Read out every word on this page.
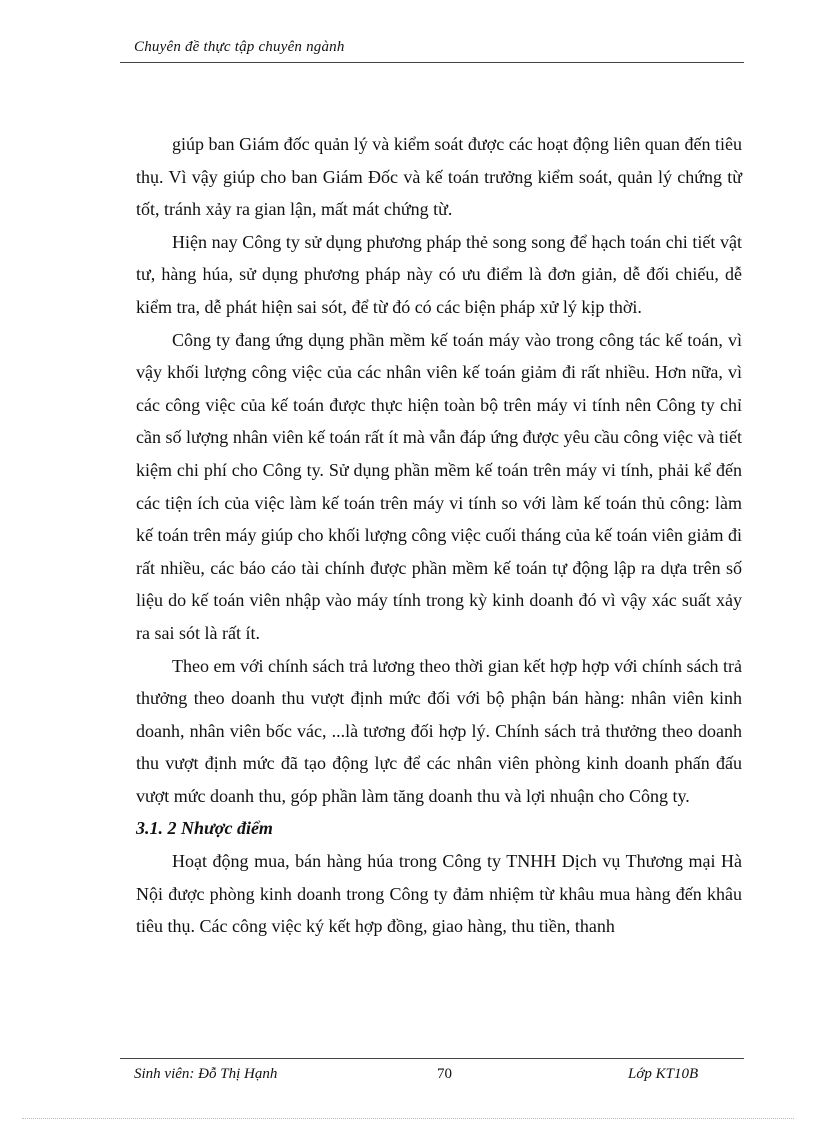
Chuyên đề thực tập chuyên ngành

giúp ban Giám đốc quản lý và kiểm soát được các hoạt động liên quan đến tiêu thụ. Vì vậy giúp cho ban Giám Đốc và kế toán trưởng kiểm soát, quản lý chứng từ tốt, tránh xảy ra gian lận, mất mát chứng từ.

Hiện nay Công ty sử dụng phương pháp thẻ song song để hạch toán chi tiết vật tư, hàng húa, sử dụng phương pháp này có ưu điểm là đơn giản, dễ đối chiếu, dễ kiểm tra, dễ phát hiện sai sót, để từ đó có các biện pháp xử lý kịp thời.

Công ty đang ứng dụng phần mềm kế toán máy vào trong công tác kế toán, vì vậy khối lượng công việc của các nhân viên kế toán giảm đi rất nhiều. Hơn nữa, vì các công việc của kế toán được thực hiện toàn bộ trên máy vi tính nên Công ty chỉ cần số lượng nhân viên kế toán rất ít mà vẫn đáp ứng được yêu cầu công việc và tiết kiệm chi phí cho Công ty. Sử dụng phần mềm kế toán trên máy vi tính, phải kể đến các tiện ích của việc làm kế toán trên máy vi tính so với làm kế toán thủ công: làm kế toán trên máy giúp cho khối lượng công việc cuối tháng của kế toán viên giảm đi rất nhiều, các báo cáo tài chính được phần mềm kế toán tự động lập ra dựa trên số liệu do kế toán viên nhập vào máy tính trong kỳ kinh doanh đó vì vậy xác suất xảy ra sai sót là rất ít.

Theo em với chính sách trả lương theo thời gian kết hợp hợp với chính sách trả thưởng theo doanh thu vượt định mức đối với bộ phận bán hàng: nhân viên kinh doanh, nhân viên bốc vác, ...là tương đối hợp lý. Chính sách trả thưởng theo doanh thu vượt định mức đã tạo động lực để các nhân viên phòng kinh doanh phấn đấu vượt mức doanh thu, góp phần làm tăng doanh thu và lợi nhuận cho Công ty.

3.1. 2 Nhược điểm

Hoạt động mua, bán hàng húa trong Công ty TNHH Dịch vụ Thương mại Hà Nội được phòng kinh doanh trong Công ty đảm nhiệm từ khâu mua hàng đến khâu tiêu thụ. Các công việc ký kết hợp đồng, giao hàng, thu tiền, thanh

Sinh viên: Đỗ Thị Hạnh	70	Lớp KT10B
